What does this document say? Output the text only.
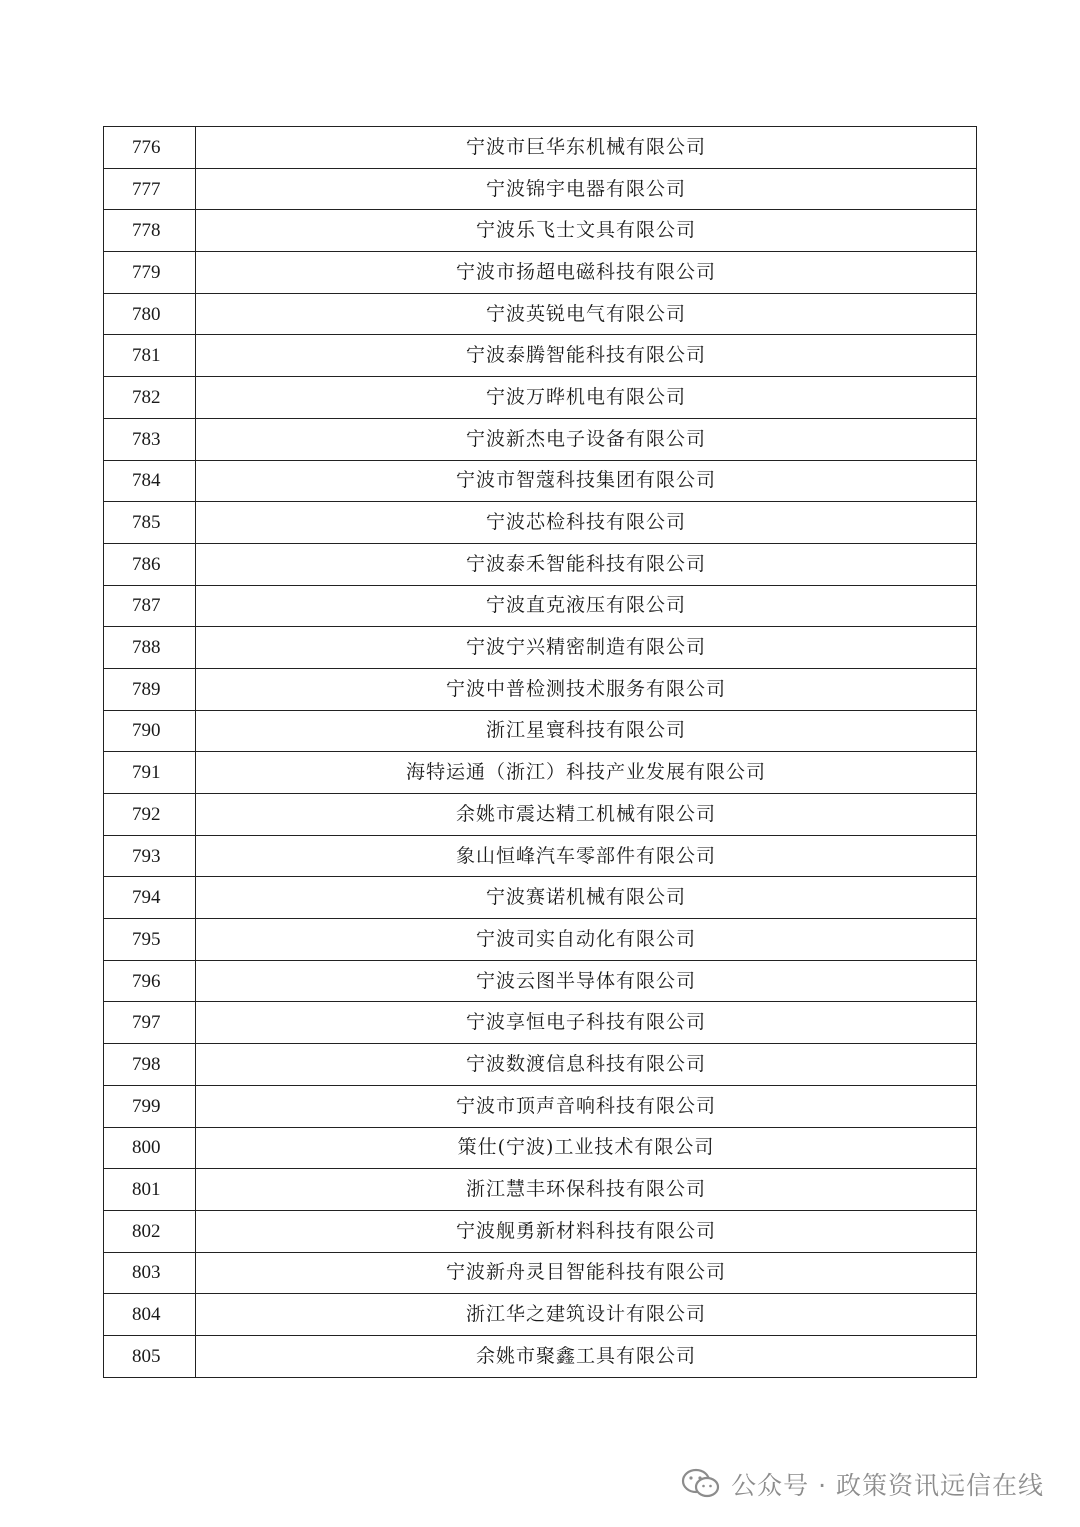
776	宁波市巨华东机械有限公司
777	宁波锦宇电器有限公司
778	宁波乐飞士文具有限公司
779	宁波市扬超电磁科技有限公司
780	宁波英锐电气有限公司
781	宁波泰腾智能科技有限公司
782	宁波万晔机电有限公司
783	宁波新杰电子设备有限公司
784	宁波市智蔻科技集团有限公司
785	宁波芯检科技有限公司
786	宁波泰禾智能科技有限公司
787	宁波直克液压有限公司
788	宁波宁兴精密制造有限公司
789	宁波中普检测技术服务有限公司
790	浙江星寰科技有限公司
791	海特运通（浙江）科技产业发展有限公司
792	余姚市震达精工机械有限公司
793	象山恒峰汽车零部件有限公司
794	宁波赛诺机械有限公司
795	宁波司实自动化有限公司
796	宁波云图半导体有限公司
797	宁波享恒电子科技有限公司
798	宁波数渡信息科技有限公司
799	宁波市顶声音响科技有限公司
800	策仕(宁波)工业技术有限公司
801	浙江慧丰环保科技有限公司
802	宁波舰勇新材料科技有限公司
803	宁波新舟灵目智能科技有限公司
804	浙江华之建筑设计有限公司
805	余姚市聚鑫工具有限公司
公众号 · 政策资讯远信在线
